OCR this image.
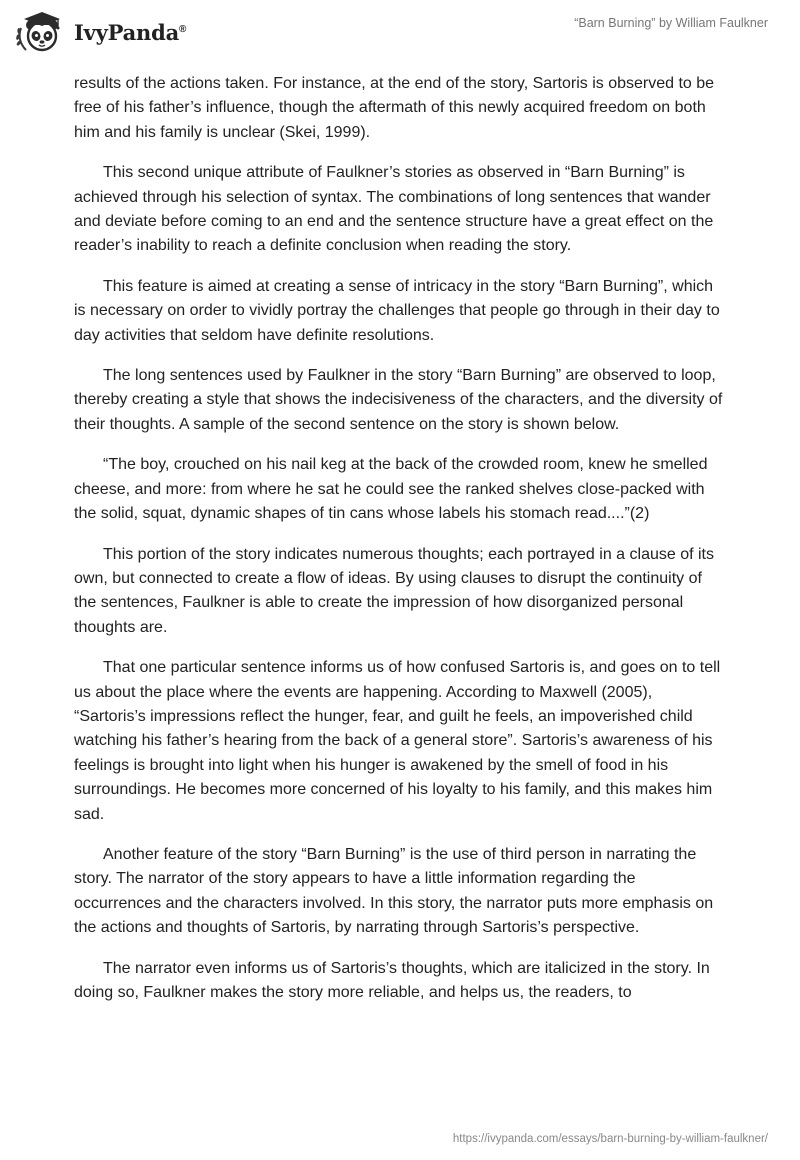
IvyPanda®	“Barn Burning” by William Faulkner

results of the actions taken. For instance, at the end of the story, Sartoris is observed to be free of his father’s influence, though the aftermath of this newly acquired freedom on both him and his family is unclear (Skei, 1999).

This second unique attribute of Faulkner’s stories as observed in “Barn Burning” is achieved through his selection of syntax. The combinations of long sentences that wander and deviate before coming to an end and the sentence structure have a great effect on the reader’s inability to reach a definite conclusion when reading the story.

This feature is aimed at creating a sense of intricacy in the story “Barn Burning”, which is necessary on order to vividly portray the challenges that people go through in their day to day activities that seldom have definite resolutions.

The long sentences used by Faulkner in the story “Barn Burning” are observed to loop, thereby creating a style that shows the indecisiveness of the characters, and the diversity of their thoughts. A sample of the second sentence on the story is shown below.

“The boy, crouched on his nail keg at the back of the crowded room, knew he smelled cheese, and more: from where he sat he could see the ranked shelves close-packed with the solid, squat, dynamic shapes of tin cans whose labels his stomach read....”(2)

This portion of the story indicates numerous thoughts; each portrayed in a clause of its own, but connected to create a flow of ideas. By using clauses to disrupt the continuity of the sentences, Faulkner is able to create the impression of how disorganized personal thoughts are.

That one particular sentence informs us of how confused Sartoris is, and goes on to tell us about the place where the events are happening. According to Maxwell (2005), “Sartoris’s impressions reflect the hunger, fear, and guilt he feels, an impoverished child watching his father’s hearing from the back of a general store”. Sartoris’s awareness of his feelings is brought into light when his hunger is awakened by the smell of food in his surroundings. He becomes more concerned of his loyalty to his family, and this makes him sad.

Another feature of the story “Barn Burning” is the use of third person in narrating the story. The narrator of the story appears to have a little information regarding the occurrences and the characters involved. In this story, the narrator puts more emphasis on the actions and thoughts of Sartoris, by narrating through Sartoris’s perspective.

The narrator even informs us of Sartoris’s thoughts, which are italicized in the story. In doing so, Faulkner makes the story more reliable, and helps us, the readers, to

https://ivypanda.com/essays/barn-burning-by-william-faulkner/
